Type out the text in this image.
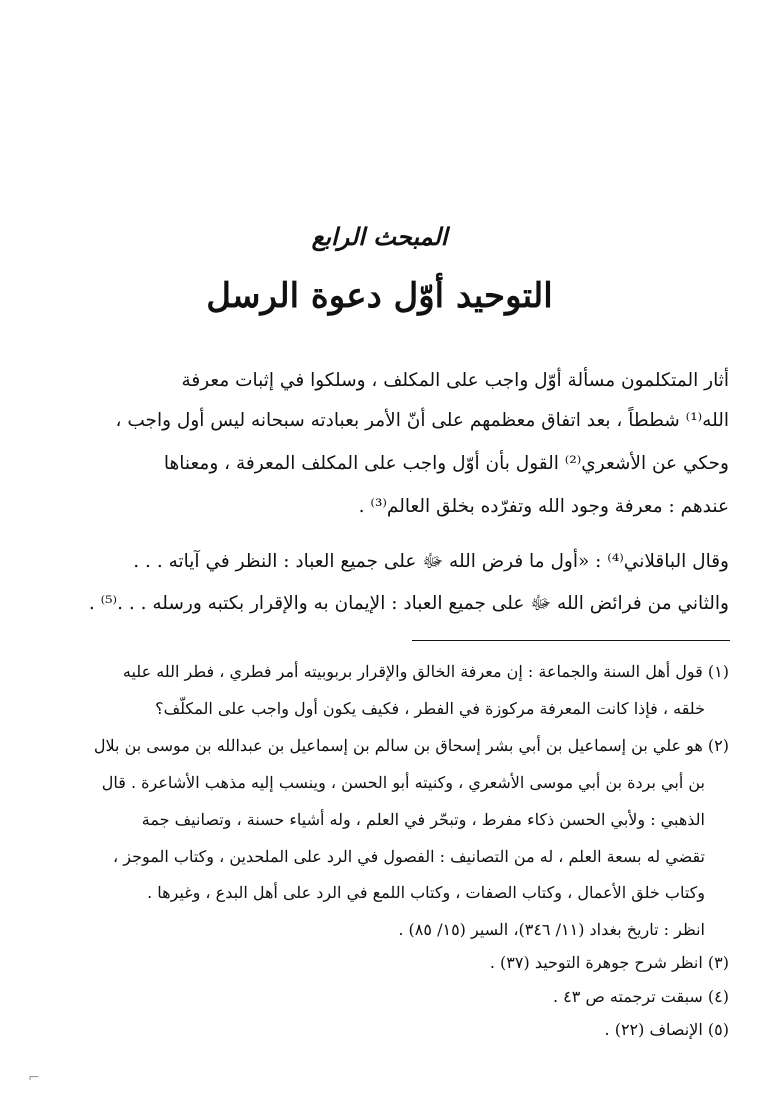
المبحث الرابع
التوحيد أوّل دعوة الرسل
أثار المتكلمون مسألة أوّل واجب على المكلف ، وسلكوا في إثبات معرفة
الله⁽¹⁾ شططاً ، بعد اتفاق معظمهم على أنّ الأمر بعبادته سبحانه ليس أول واجب ،
وحكي عن الأشعري⁽²⁾ القول بأن أوّل واجب على المكلف المعرفة ، ومعناها
عندهم : معرفة وجود الله وتفرّده بخلق العالم⁽³⁾ .
وقال الباقلاني⁽⁴⁾ : «أول ما فرض الله ﷻ على جميع العباد : النظر في آياته . . .
والثاني من فرائض الله ﷻ على جميع العباد : الإيمان به والإقرار بكتبه ورسله . . .⁽⁵⁾ .
(١) قول أهل السنة والجماعة : إن معرفة الخالق والإقرار بربوبيته أمر فطري ، فطر الله عليه
خلقه ، فإذا كانت المعرفة مركوزة في الفطر ، فكيف يكون أول واجب على المكلّف؟
(٢) هو علي بن إسماعيل بن أبي بشر إسحاق بن سالم بن إسماعيل بن عبدالله بن موسى بن بلال
بن أبي بردة بن أبي موسى الأشعري ، وكنيته أبو الحسن ، وينسب إليه مذهب الأشاعرة . قال
الذهبي : ولأبي الحسن ذكاء مفرط ، وتبحّر في العلم ، وله أشياء حسنة ، وتصانيف جمة
تقضي له بسعة العلم ، له من التصانيف : الفصول في الرد على الملحدين ، وكتاب الموجز ،
وكتاب خلق الأعمال ، وكتاب الصفات ، وكتاب اللمع في الرد على أهل البدع ، وغيرها .
انظر : تاريخ بغداد (١١/ ٣٤٦)، السير (١٥/ ٨٥) .
(٣) انظر شرح جوهرة التوحيد (٣٧) .
(٤) سبقت ترجمته ص ٤٣ .
(٥) الإنصاف (٢٢) .
⌐
